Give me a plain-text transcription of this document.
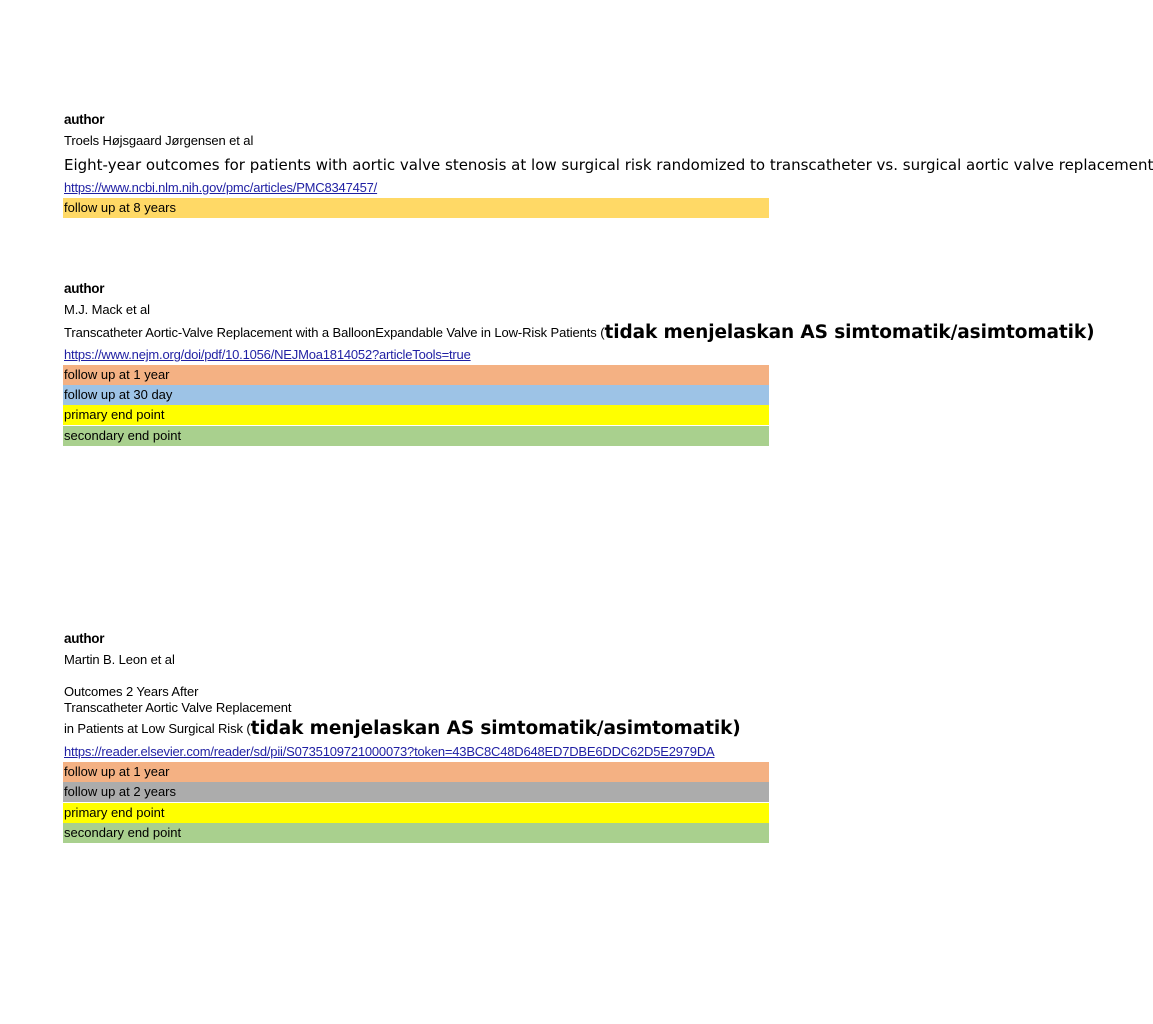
author
Troels Højsgaard Jørgensen et al
Eight-year outcomes for patients with aortic valve stenosis at low surgical risk randomized to transcatheter vs. surgical aortic valve replacement
https://www.ncbi.nlm.nih.gov/pmc/articles/PMC8347457/
follow up at 8 years
author
M.J. Mack et al
Transcatheter Aortic-Valve Replacement with a BalloonExpandable Valve in Low-Risk Patients (tidak menjelaskan AS simtomatik/asimtomatik)
https://www.nejm.org/doi/pdf/10.1056/NEJMoa1814052?articleTools=true
follow up at 1 year
follow up at 30 day
primary end point
secondary end point
author
Martin B. Leon et al
Outcomes 2 Years After
Transcatheter Aortic Valve Replacement
in Patients at Low Surgical Risk (tidak menjelaskan AS simtomatik/asimtomatik)
https://reader.elsevier.com/reader/sd/pii/S0735109721000073?token=43BC8C48D648ED7DBE6DDC62D5E2979DA
follow up at 1 year
follow up at 2 years
primary end point
secondary end point
